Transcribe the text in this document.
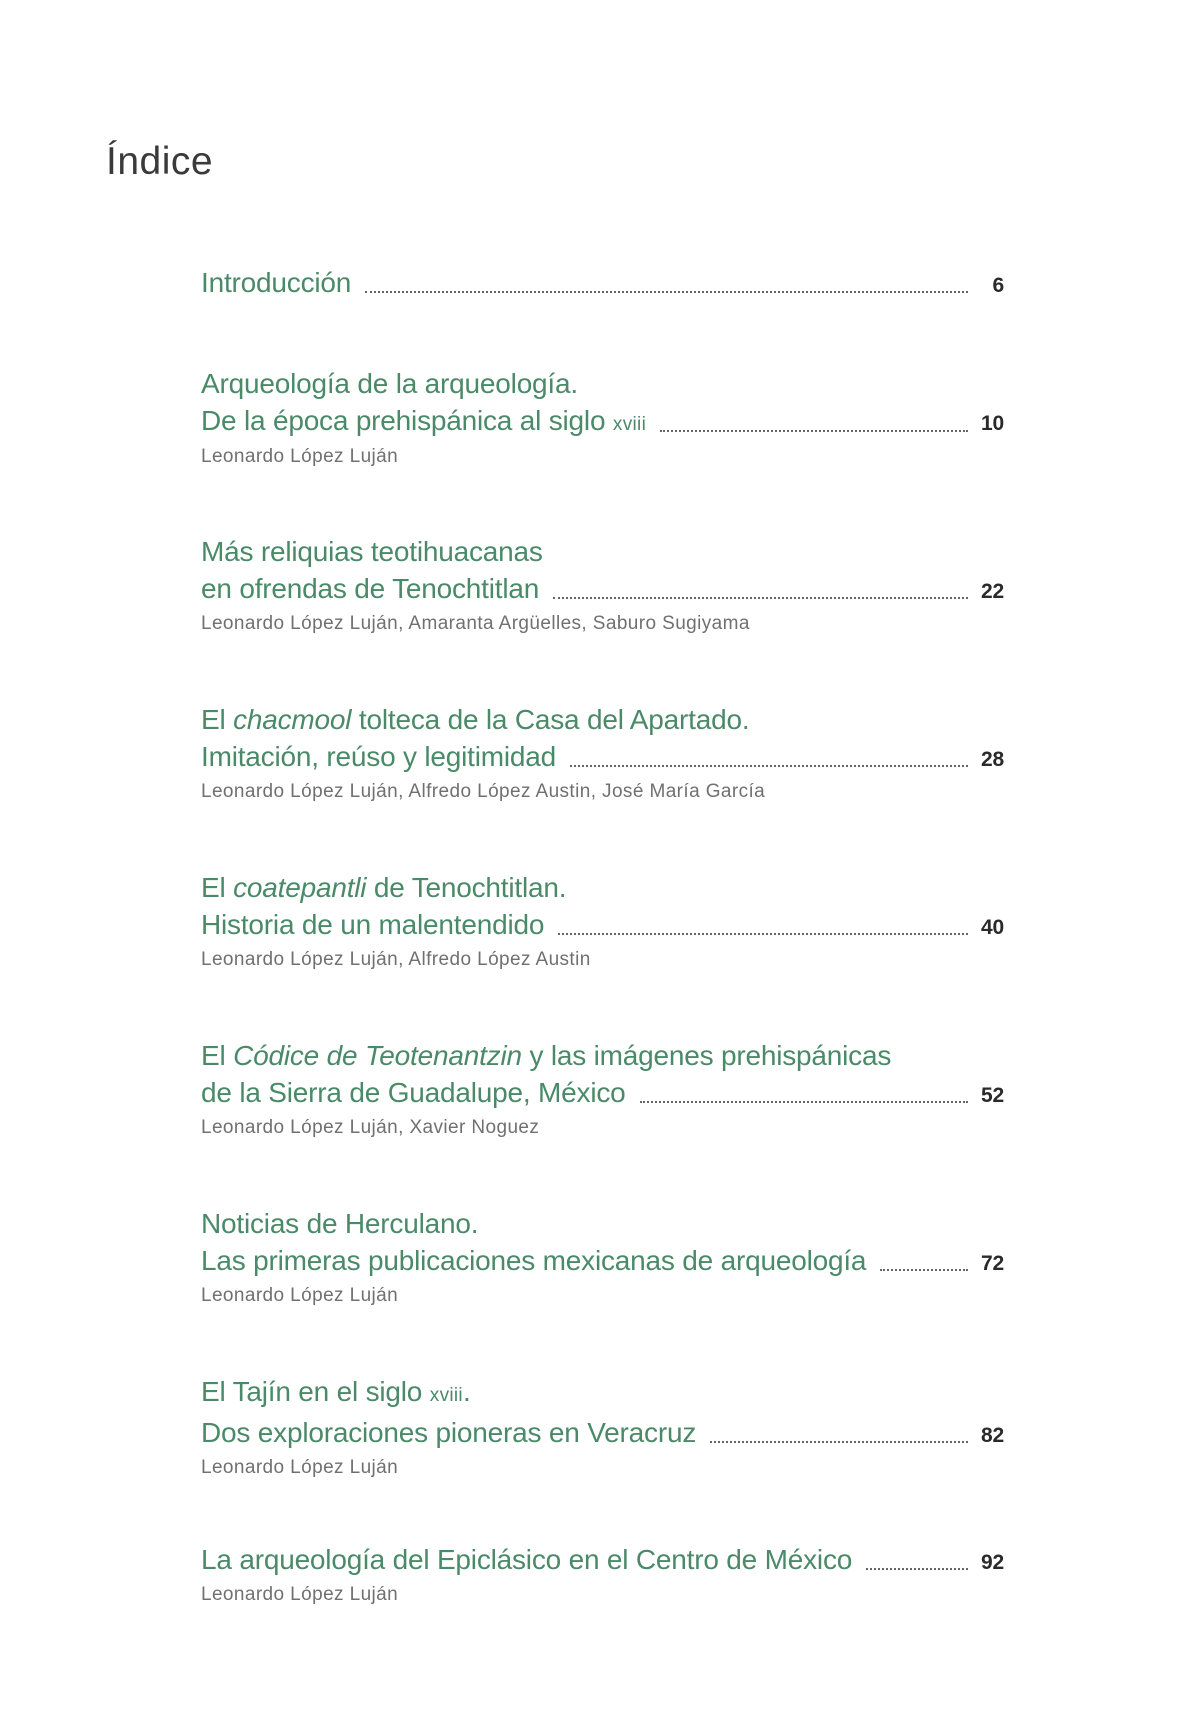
Índice
Introducción	6
Arqueología de la arqueología.
De la época prehispánica al siglo xviii	10
Leonardo López Luján
Más reliquias teotihuacanas
en ofrendas de Tenochtitlan	22
Leonardo López Luján, Amaranta Argüelles, Saburo Sugiyama
El chacmool tolteca de la Casa del Apartado.
Imitación, reúso y legitimidad	28
Leonardo López Luján, Alfredo López Austin, José María García
El coatepantli de Tenochtitlan.
Historia de un malentendido	40
Leonardo López Luján, Alfredo López Austin
El Códice de Teotenantzin y las imágenes prehispánicas
de la Sierra de Guadalupe, México	52
Leonardo López Luján, Xavier Noguez
Noticias de Herculano.
Las primeras publicaciones mexicanas de arqueología	72
Leonardo López Luján
El Tajín en el siglo xviii.
Dos exploraciones pioneras en Veracruz	82
Leonardo López Luján
La arqueología del Epiclásico en el Centro de México	92
Leonardo López Luján
